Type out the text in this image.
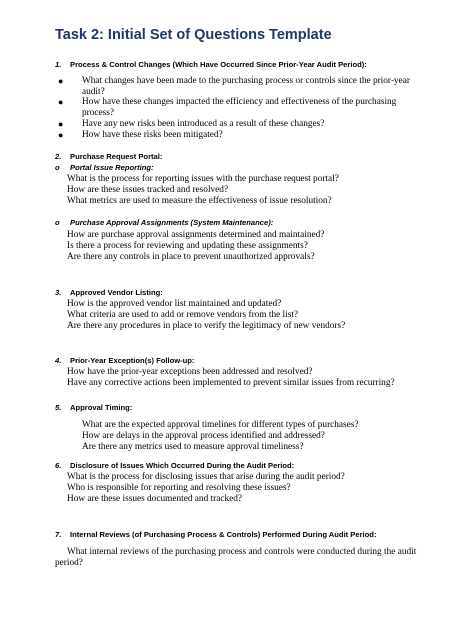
Task 2: Initial Set of Questions Template
1. Process & Control Changes (Which Have Occurred Since Prior-Year Audit Period):
● What changes have been made to the purchasing process or controls since the prior-year audit?
● How have these changes impacted the efficiency and effectiveness of the purchasing process?
● Have any new risks been introduced as a result of these changes?
● How have these risks been mitigated?
2. Purchase Request Portal:
o Portal Issue Reporting:
What is the process for reporting issues with the purchase request portal?
How are these issues tracked and resolved?
What metrics are used to measure the effectiveness of issue resolution?
o Purchase Approval Assignments (System Maintenance):
How are purchase approval assignments determined and maintained?
Is there a process for reviewing and updating these assignments?
Are there any controls in place to prevent unauthorized approvals?
3. Approved Vendor Listing:
How is the approved vendor list maintained and updated?
What criteria are used to add or remove vendors from the list?
Are there any procedures in place to verify the legitimacy of new vendors?
4. Prior-Year Exception(s) Follow-up:
How have the prior-year exceptions been addressed and resolved?
Have any corrective actions been implemented to prevent similar issues from recurring?
5. Approval Timing:
What are the expected approval timelines for different types of purchases?
How are delays in the approval process identified and addressed?
Are there any metrics used to measure approval timeliness?
6. Disclosure of Issues Which Occurred During the Audit Period:
What is the process for disclosing issues that arise during the audit period?
Who is responsible for reporting and resolving these issues?
How are these issues documented and tracked?
7. Internal Reviews (of Purchasing Process & Controls) Performed During Audit Period:
What internal reviews of the purchasing process and controls were conducted during the audit period?
